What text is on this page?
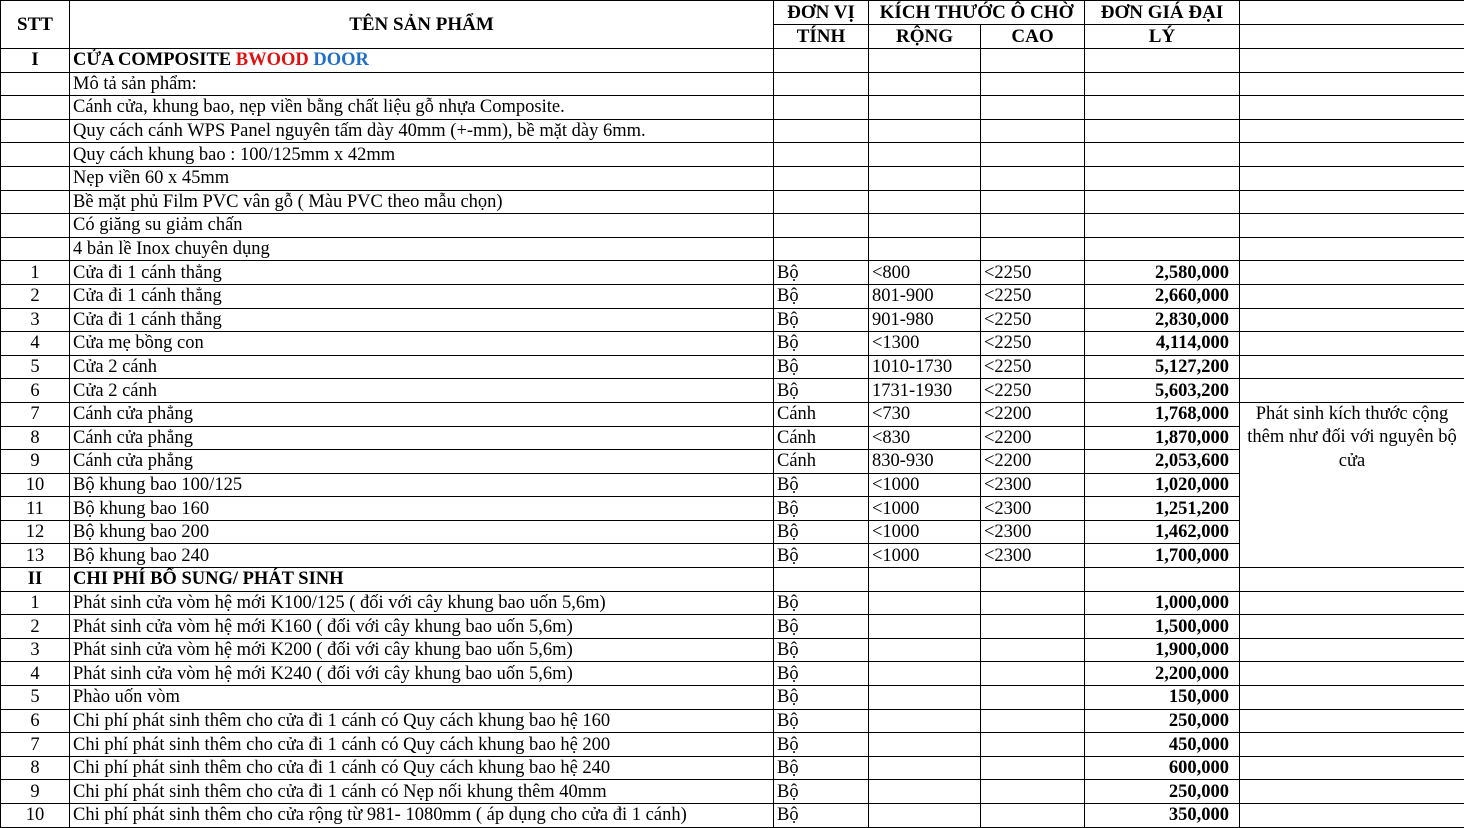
STT	TÊN SẢN PHẨM	ĐƠN VỊ	KÍCH THƯỚC Ô CHỜ		ĐƠN GIÁ ĐẠI	
		TÍNH	RỘNG	CAO	LÝ	
I	CỬA COMPOSITE BWOOD DOOR					
	Mô tả sản phẩm:					
	Cánh cửa, khung bao, nẹp viền bằng chất liệu gỗ nhựa Composite.					
	Quy cách cánh WPS Panel nguyên tấm dày 40mm (+-mm), bề mặt dày 6mm.					
	Quy cách khung bao : 100/125mm x 42mm					
	Nẹp viền 60 x 45mm					
	Bề mặt phủ Film PVC vân gỗ ( Màu PVC theo mẫu chọn)					
	Có giăng su giảm chấn					
	4 bản lề Inox chuyên dụng					
1	Cửa đi 1 cánh thẳng	Bộ	<800	<2250	2,580,000	
2	Cửa đi 1 cánh thẳng	Bộ	801-900	<2250	2,660,000	
3	Cửa đi 1 cánh thẳng	Bộ	901-980	<2250	2,830,000	
4	Cửa mẹ bồng con	Bộ	<1300	<2250	4,114,000	
5	Cửa 2 cánh	Bộ	1010-1730	<2250	5,127,200	
6	Cửa 2 cánh	Bộ	1731-1930	<2250	5,603,200	
7	Cánh cửa phẳng	Cánh	<730	<2200	1,768,000	Phát sinh kích thước cộng thêm như đối với nguyên bộ cửa
8	Cánh cửa phẳng	Cánh	<830	<2200	1,870,000	
9	Cánh cửa phẳng	Cánh	830-930	<2200	2,053,600	
10	Bộ khung bao 100/125	Bộ	<1000	<2300	1,020,000	
11	Bộ khung bao 160	Bộ	<1000	<2300	1,251,200	
12	Bộ khung bao 200	Bộ	<1000	<2300	1,462,000	
13	Bộ khung bao 240	Bộ	<1000	<2300	1,700,000	
II	CHI PHÍ BỔ SUNG/ PHÁT SINH					
1	Phát sinh cửa vòm hệ mới K100/125 ( đối với cây khung bao uốn 5,6m)	Bộ			1,000,000	
2	Phát sinh cửa vòm hệ mới K160 ( đối với cây khung bao uốn 5,6m)	Bộ			1,500,000	
3	Phát sinh cửa vòm hệ mới K200 ( đối với cây khung bao uốn 5,6m)	Bộ			1,900,000	
4	Phát sinh cửa vòm hệ mới K240 ( đối với cây khung bao uốn 5,6m)	Bộ			2,200,000	
5	Phào uốn vòm	Bộ			150,000	
6	Chi phí phát sinh thêm cho cửa đi 1 cánh có Quy cách khung bao hệ 160	Bộ			250,000	
7	Chi phí phát sinh thêm cho cửa đi 1 cánh có Quy cách khung bao hệ 200	Bộ			450,000	
8	Chi phí phát sinh thêm cho cửa đi 1 cánh có Quy cách khung bao hệ 240	Bộ			600,000	
9	Chi phí phát sinh thêm cho cửa đi 1 cánh có Nẹp nối khung thêm 40mm	Bộ			250,000	
10	Chi phí phát sinh thêm cho cửa rộng từ 981- 1080mm ( áp dụng cho cửa đi 1 cánh)	Bộ			350,000	
